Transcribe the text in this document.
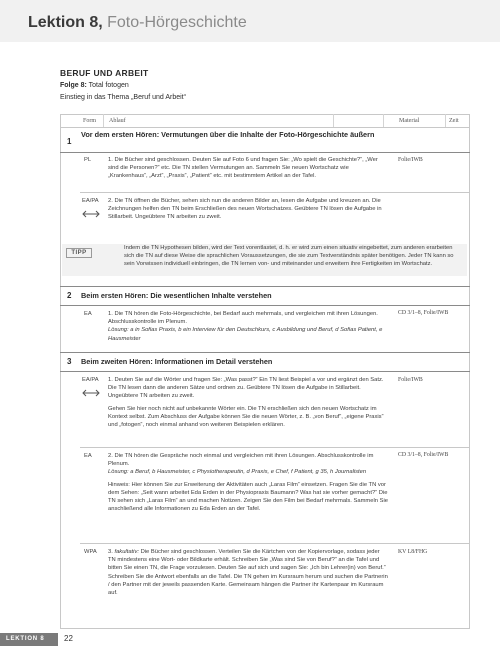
Lektion 8, Foto-Hörgeschichte
BERUF UND ARBEIT
Folge 8: Total fotogen
Einstieg in das Thema „Beruf und Arbeit“
Form Ablauf	Material	Zeit
1
Vor dem ersten Hören: Vermutungen über die Inhalte der Foto-Hörgeschichte äußern
PL	1. Die Bücher sind geschlossen. Deuten Sie auf Foto 6 und fragen Sie: „Wo spielt die Geschichte?“, „Wer sind die Personen?“ etc. Die TN stellen Vermutungen an. Sammeln Sie neuen Wortschatz wie „Krankenhaus“, „Arzt“, „Praxis“, „Patient“ etc. mit bestimmtem Artikel an der Tafel.
Folie/IWB
EA/PA 2. Die TN öffnen die Bücher, sehen sich nun die anderen Bilder an, lesen die Aufgabe und kreuzen an. Die Zeichnungen helfen den TN beim Erschließen des neuen Wortschatzes. Geübtere TN lösen die Aufgabe in Stillarbeit. Ungeübtere TN arbeiten zu zweit.
TIPP
Indem die TN Hypothesen bilden, wird der Text vorentlastet, d. h. er wird zum einen situativ eingebettet, zum anderen erarbeiten sich die TN auf diese Weise die sprachlichen Voraussetzungen, die sie zum Textverständnis später benötigen. Jeder TN kann so sein Vorwissen individuell einbringen, die TN lernen von- und miteinander und erweitern ihre Fertigkeiten im Wortschatz.
2 Beim ersten Hören: Die wesentlichen Inhalte verstehen
EA	1. Die TN hören die Foto-Hörgeschichte, bei Bedarf auch mehrmals, und vergleichen mit ihren Lösungen. Abschlusskontrolle im Plenum.
Lösung: a in Sofias Praxis, b ein Interview für den Deutschkurs, c Ausbildung und Beruf, d Sofias Patient, e Hausmeister
CD 3/1–8, Folie/IWB
3 Beim zweiten Hören: Informationen im Detail verstehen
EA/PA 1. Deuten Sie auf die Wörter und fragen Sie: „Was passt?“ Ein TN liest Beispiel a vor und ergänzt den Satz. Die TN lesen dann die anderen Sätze und ordnen zu. Geübtere TN lösen die Aufgabe in Stillarbeit. Ungeübtere TN arbeiten zu zweit.

Gehen Sie hier noch nicht auf unbekannte Wörter ein. Die TN erschließen sich den neuen Wortschatz im Kontext selbst. Zum Abschluss der Aufgabe können Sie die neuen Wörter, z. B. „von Beruf“, „eigene Praxis“ und „fotogen“, noch einmal anhand von weiteren Beispielen erklären.

Folie/IWB
EA	2. Die TN hören die Gespräche noch einmal und vergleichen mit ihren Lösungen. Abschlusskontrolle im Plenum.
Lösung: a Beruf, b Hausmeister, c Physiotherapeutin, d Praxis, e Chef, f Patient, g 35, h Journalisten

Hinweis: Hier können Sie zur Erweiterung der Aktivitäten auch „Laras Film“ einsetzen. Fragen Sie die TN vor dem Sehen: „Seit wann arbeitet Eda Erden in der Physiopraxis Baumann? Was hat sie vorher gemacht?“ Die TN sehen sich „Laras Film“ an und machen Notizen. Zeigen Sie den Film bei Bedarf mehrmals. Sammeln Sie anschließend alle Informationen zu Eda Erden an der Tafel.

CD 3/1–8, Folie/IWB
WPA 3. fakultativ: Die Bücher sind geschlossen. Verteilen Sie die Kärtchen von der Kopiervorlage, sodass jeder TN mindestens eine Wort- oder Bildkarte erhält. Schreiben Sie „Was sind Sie von Beruf?“ an die Tafel und bitten Sie einen TN, die Frage vorzulesen. Deuten Sie auf sich und sagen Sie: „Ich bin Lehrer(in) von Beruf.“ Schreiben Sie die Antwort ebenfalls an die Tafel. Die TN gehen im Kursraum herum und suchen die Partnerin / den Partner mit der jeweils passenden Karte. Gemeinsam hängen die Partner ihr Kartenpaar im Kursraum auf.
KV L8/FHG
LEKTION 8	22
